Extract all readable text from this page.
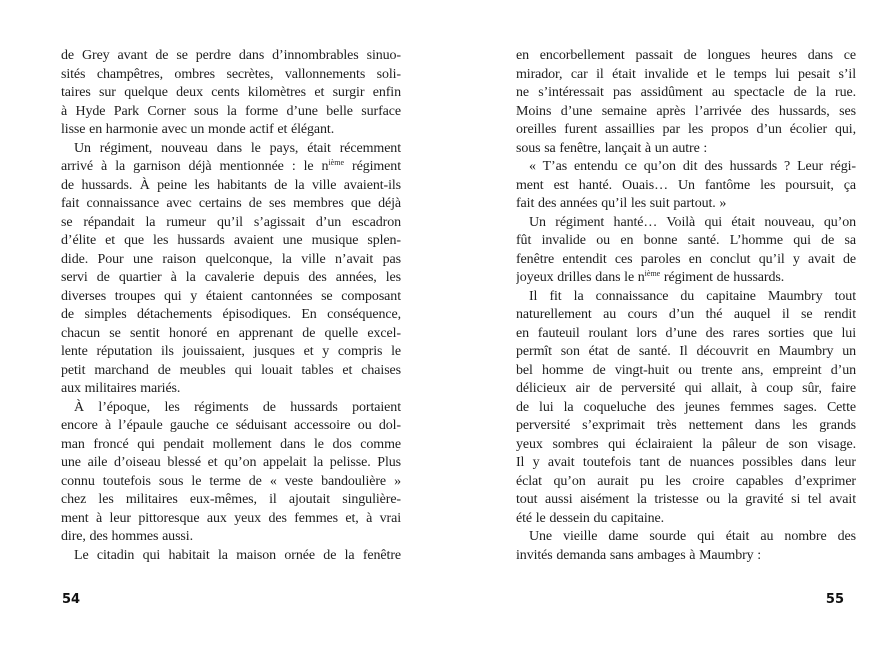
de Grey avant de se perdre dans d’innombrables sinuo-
sités champêtres, ombres secrètes, vallonnements soli-
taires sur quelque deux cents kilomètres et surgir enfin
à Hyde Park Corner sous la forme d’une belle surface
lisse en harmonie avec un monde actif et élégant.
Un régiment, nouveau dans le pays, était récemment
arrivé à la garnison déjà mentionnée : le $n^{ième}$ régiment
de hussards. À peine les habitants de la ville avaient-ils
fait connaissance avec certains de ses membres que déjà
se répandait la rumeur qu’il s’agissait d’un escadron
d’élite et que les hussards avaient une musique splen-
dide. Pour une raison quelconque, la ville n’avait pas
servi de quartier à la cavalerie depuis des années, les
diverses troupes qui y étaient cantonnées se composant
de simples détachements épisodiques. En conséquence,
chacun se sentit honoré en apprenant de quelle excel-
lente réputation ils jouissaient, jusques et y compris le
petit marchand de meubles qui louait tables et chaises
aux militaires mariés.
À l’époque, les régiments de hussards portaient
encore à l’épaule gauche ce séduisant accessoire ou dol-
man froncé qui pendait mollement dans le dos comme
une aile d’oiseau blessé et qu’on appelait la pelisse. Plus
connu toutefois sous le terme de « veste bandoulière »
chez les militaires eux-mêmes, il ajoutait singulière-
ment à leur pittoresque aux yeux des femmes et, à vrai
dire, des hommes aussi.
Le citadin qui habitait la maison ornée de la fenêtre
en encorbellement passait de longues heures dans ce
mirador, car il était invalide et le temps lui pesait s’il
ne s’intéressait pas assidûment au spectacle de la rue.
Moins d’une semaine après l’arrivée des hussards, ses
oreilles furent assaillies par les propos d’un écolier qui,
sous sa fenêtre, lançait à un autre :
« T’as entendu ce qu’on dit des hussards ? Leur régi-
ment est hanté. Ouais… Un fantôme les poursuit, ça
fait des années qu’il les suit partout. »
Un régiment hanté… Voilà qui était nouveau, qu’on
fût invalide ou en bonne santé. L’homme qui de sa
fenêtre entendit ces paroles en conclut qu’il y avait de
joyeux drilles dans le $n^{ième}$ régiment de hussards.
Il fit la connaissance du capitaine Maumbry tout
naturellement au cours d’un thé auquel il se rendit
en fauteuil roulant lors d’une des rares sorties que lui
permît son état de santé. Il découvrit en Maumbry un
bel homme de vingt-huit ou trente ans, empreint d’un
délicieux air de perversité qui allait, à coup sûr, faire
de lui la coqueluche des jeunes femmes sages. Cette
perversité s’exprimait très nettement dans les grands
yeux sombres qui éclairaient la pâleur de son visage.
Il y avait toutefois tant de nuances possibles dans leur
éclat qu’on aurait pu les croire capables d’exprimer
tout aussi aisément la tristesse ou la gravité si tel avait
été le dessein du capitaine.
Une vieille dame sourde qui était au nombre des
invités demanda sans ambages à Maumbry :
54	55
